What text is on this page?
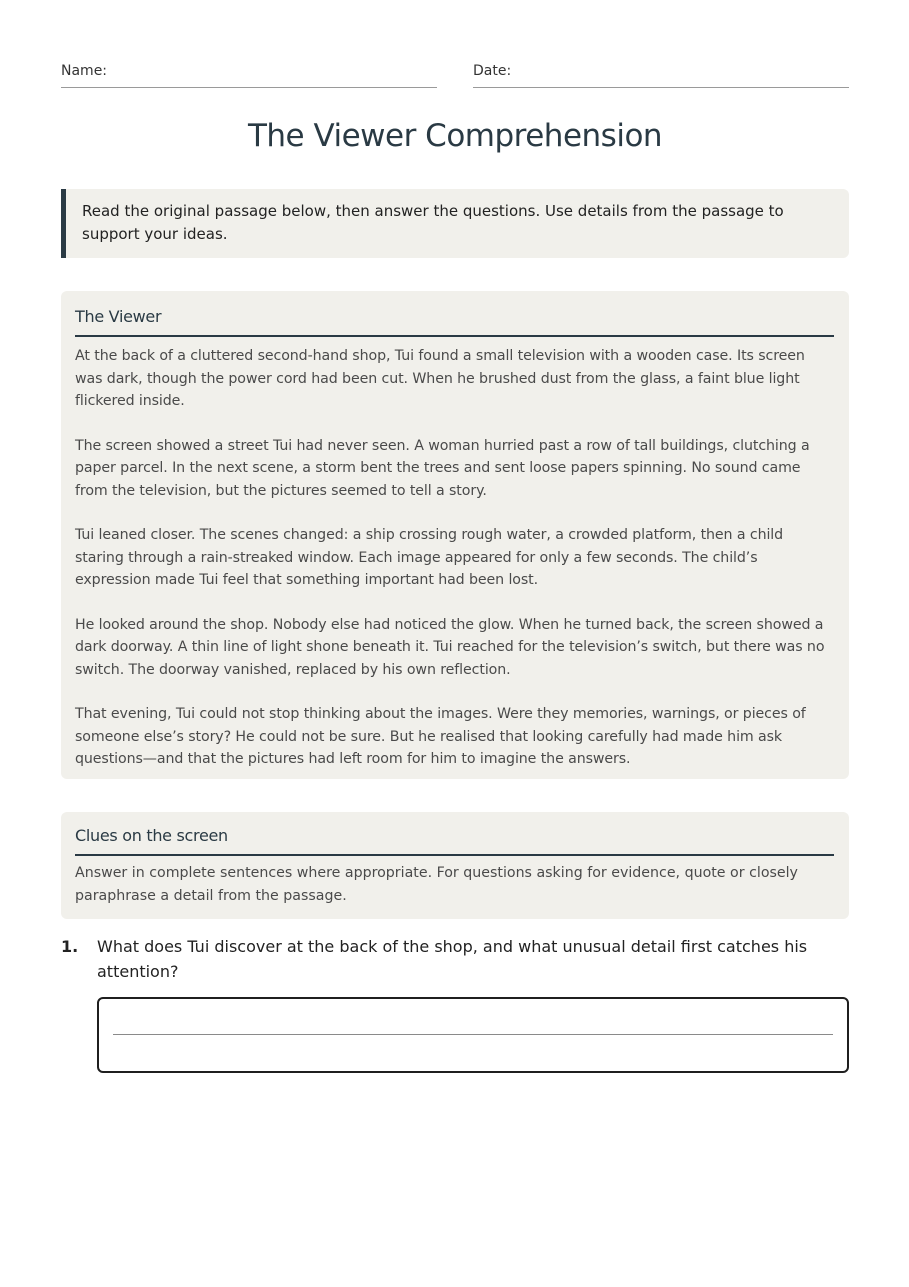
Name:	Date:
The Viewer Comprehension
Read the original passage below, then answer the questions. Use details from the passage to support your ideas.
The Viewer

At the back of a cluttered second-hand shop, Tui found a small television with a wooden case. Its screen was dark, though the power cord had been cut. When he brushed dust from the glass, a faint blue light flickered inside.

The screen showed a street Tui had never seen. A woman hurried past a row of tall buildings, clutching a paper parcel. In the next scene, a storm bent the trees and sent loose papers spinning. No sound came from the television, but the pictures seemed to tell a story.

Tui leaned closer. The scenes changed: a ship crossing rough water, a crowded platform, then a child staring through a rain-streaked window. Each image appeared for only a few seconds. The child’s expression made Tui feel that something important had been lost.

He looked around the shop. Nobody else had noticed the glow. When he turned back, the screen showed a dark doorway. A thin line of light shone beneath it. Tui reached for the television’s switch, but there was no switch. The doorway vanished, replaced by his own reflection.

That evening, Tui could not stop thinking about the images. Were they memories, warnings, or pieces of someone else’s story? He could not be sure. But he realised that looking carefully had made him ask questions—and that the pictures had left room for him to imagine the answers.

Clues on the screen

Answer in complete sentences where appropriate. For questions asking for evidence, quote or closely paraphrase a detail from the passage.

1. What does Tui discover at the back of the shop, and what unusual detail first catches his attention?
